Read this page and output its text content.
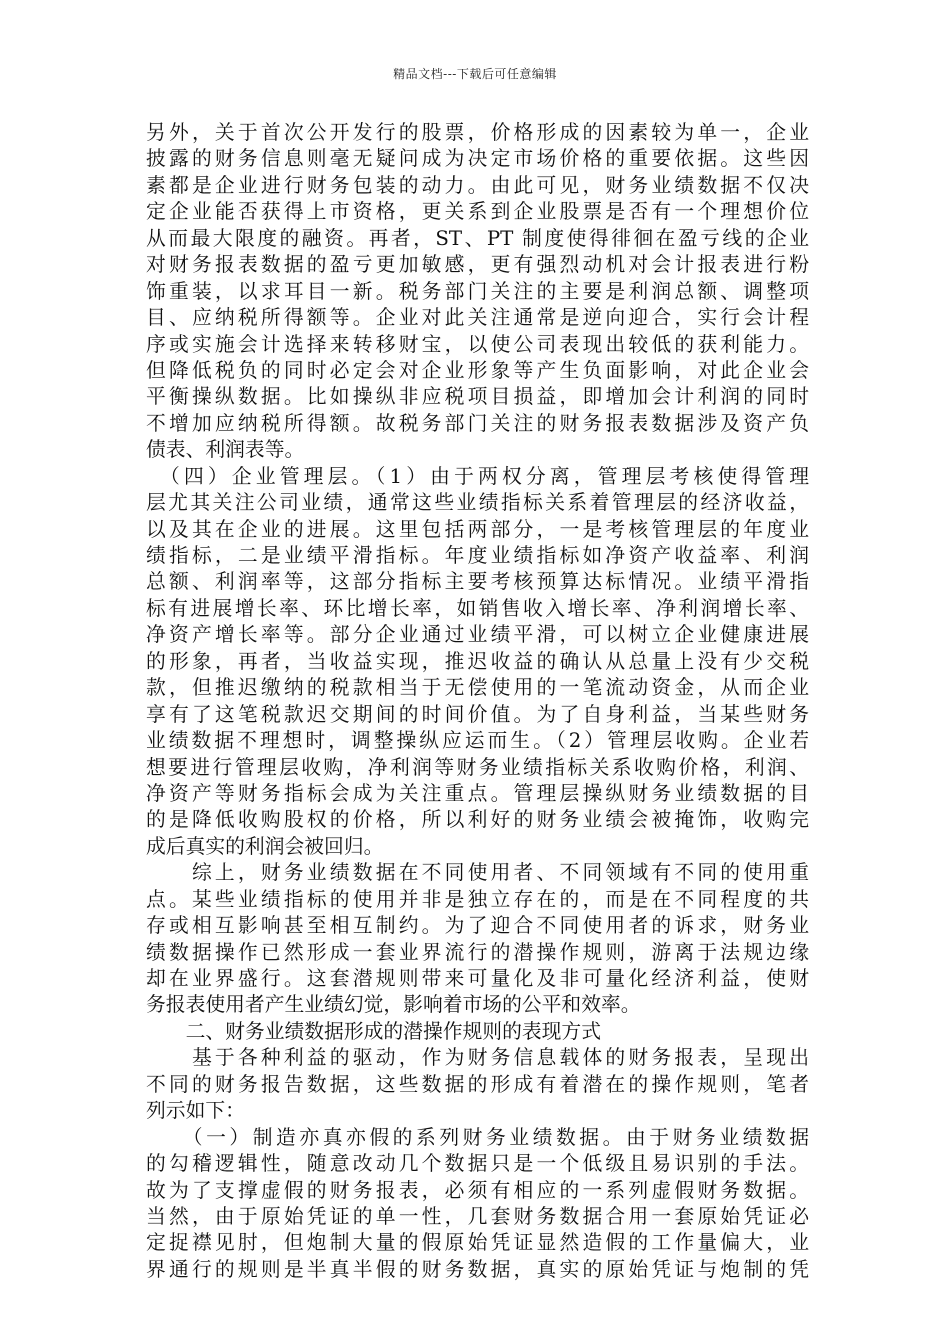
精品文档---下载后可任意编辑
另外，关于首次公开发行的股票，价格形成的因素较为单一，企业
披露的财务信息则毫无疑问成为决定市场价格的重要依据。这些因
素都是企业进行财务包装的动力。由此可见，财务业绩数据不仅决
定企业能否获得上市资格，更关系到企业股票是否有一个理想价位
从而最大限度的融资。再者，ST、PT 制度使得徘徊在盈亏线的企业
对财务报表数据的盈亏更加敏感，更有强烈动机对会计报表进行粉
饰重装，以求耳目一新。税务部门关注的主要是利润总额、调整项
目、应纳税所得额等。企业对此关注通常是逆向迎合，实行会计程
序或实施会计选择来转移财宝，以使公司表现出较低的获利能力。
但降低税负的同时必定会对企业形象等产生负面影响，对此企业会
平衡操纵数据。比如操纵非应税项目损益，即增加会计利润的同时
不增加应纳税所得额。故税务部门关注的财务报表数据涉及资产负
债表、利润表等。
　（四）企业管理层。（1）由于两权分离，管理层考核使得管理
层尤其关注公司业绩，通常这些业绩指标关系着管理层的经济收益，
以及其在企业的进展。这里包括两部分，一是考核管理层的年度业
绩指标，二是业绩平滑指标。年度业绩指标如净资产收益率、利润
总额、利润率等，这部分指标主要考核预算达标情况。业绩平滑指
标有进展增长率、环比增长率，如销售收入增长率、净利润增长率、
净资产增长率等。部分企业通过业绩平滑，可以树立企业健康进展
的形象，再者，当收益实现，推迟收益的确认从总量上没有少交税
款，但推迟缴纳的税款相当于无偿使用的一笔流动资金，从而企业
享有了这笔税款迟交期间的时间价值。为了自身利益，当某些财务
业绩数据不理想时，调整操纵应运而生。（2）管理层收购。企业若
想要进行管理层收购，净利润等财务业绩指标关系收购价格，利润、
净资产等财务指标会成为关注重点。管理层操纵财务业绩数据的目
的是降低收购股权的价格，所以利好的财务业绩会被掩饰，收购完
成后真实的利润会被回归。
　　综上，财务业绩数据在不同使用者、不同领域有不同的使用重
点。某些业绩指标的使用并非是独立存在的，而是在不同程度的共
存或相互影响甚至相互制约。为了迎合不同使用者的诉求，财务业
绩数据操作已然形成一套业界流行的潜操作规则，游离于法规边缘
却在业界盛行。这套潜规则带来可量化及非可量化经济利益，使财
务报表使用者产生业绩幻觉，影响着市场的公平和效率。
　　二、财务业绩数据形成的潜操作规则的表现方式
　　基于各种利益的驱动，作为财务信息载体的财务报表，呈现出
不同的财务报告数据，这些数据的形成有着潜在的操作规则，笔者
列示如下：
　　（一）制造亦真亦假的系列财务业绩数据。由于财务业绩数据
的勾稽逻辑性，随意改动几个数据只是一个低级且易识别的手法。
故为了支撑虚假的财务报表，必须有相应的一系列虚假财务数据。
当然，由于原始凭证的单一性，几套财务数据合用一套原始凭证必
定捉襟见肘，但炮制大量的假原始凭证显然造假的工作量偏大，业
界通行的规则是半真半假的财务数据，真实的原始凭证与炮制的凭
